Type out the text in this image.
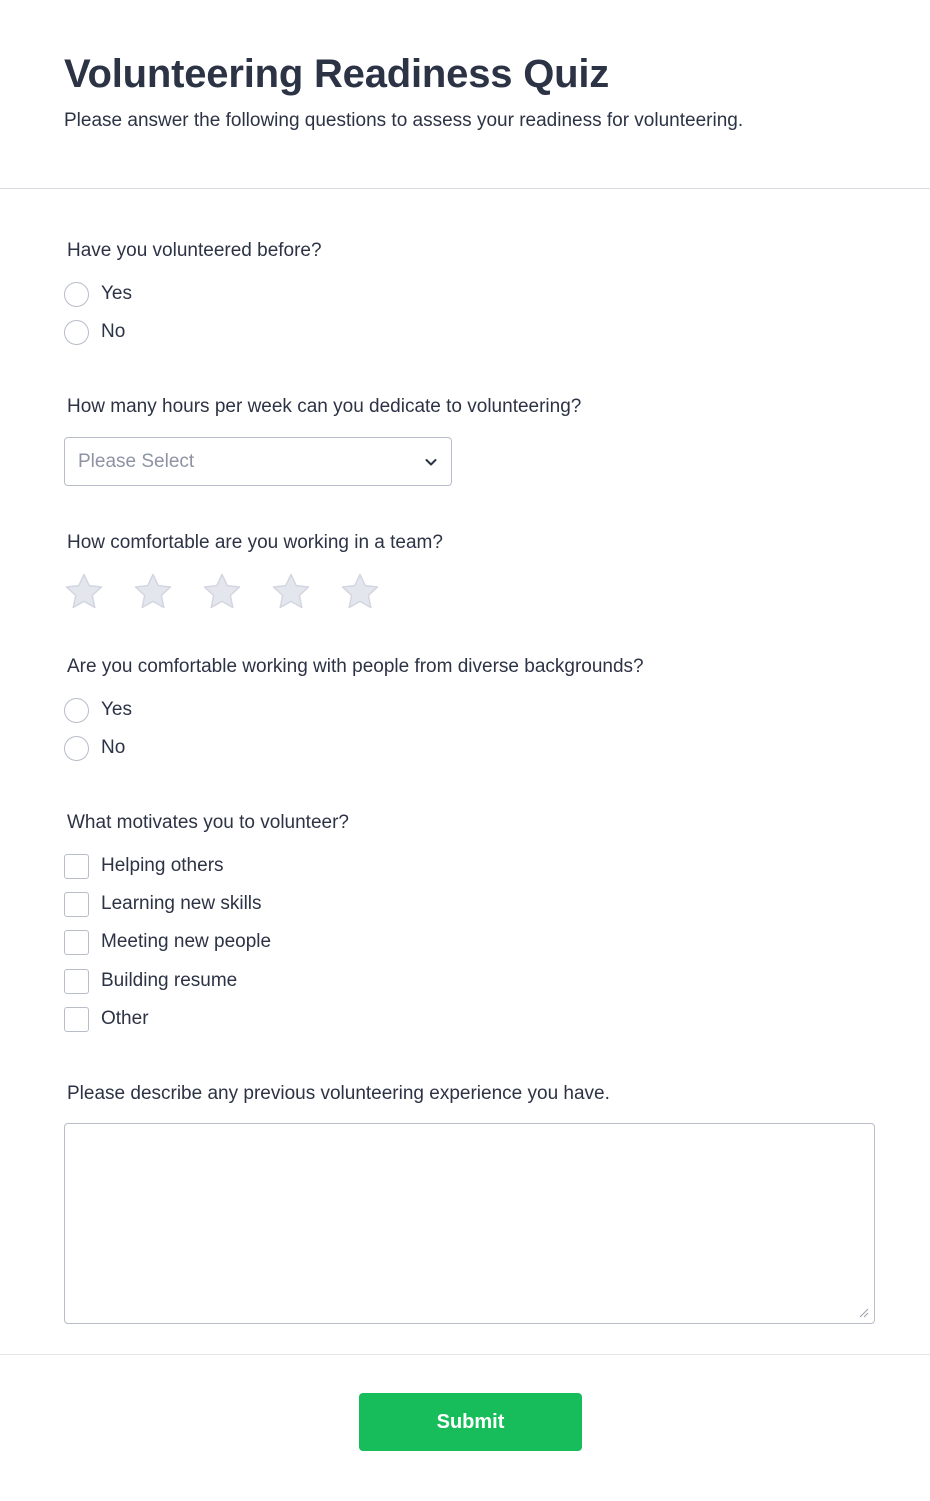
Volunteering Readiness Quiz

Please answer the following questions to assess your readiness for volunteering.

Have you volunteered before?
Yes
No
How many hours per week can you dedicate to volunteering?
Please Select
How comfortable are you working in a team?
Are you comfortable working with people from diverse backgrounds?
Yes
No
What motivates you to volunteer?
Helping others
Learning new skills
Meeting new people
Building resume
Other
Please describe any previous volunteering experience you have.
Submit
